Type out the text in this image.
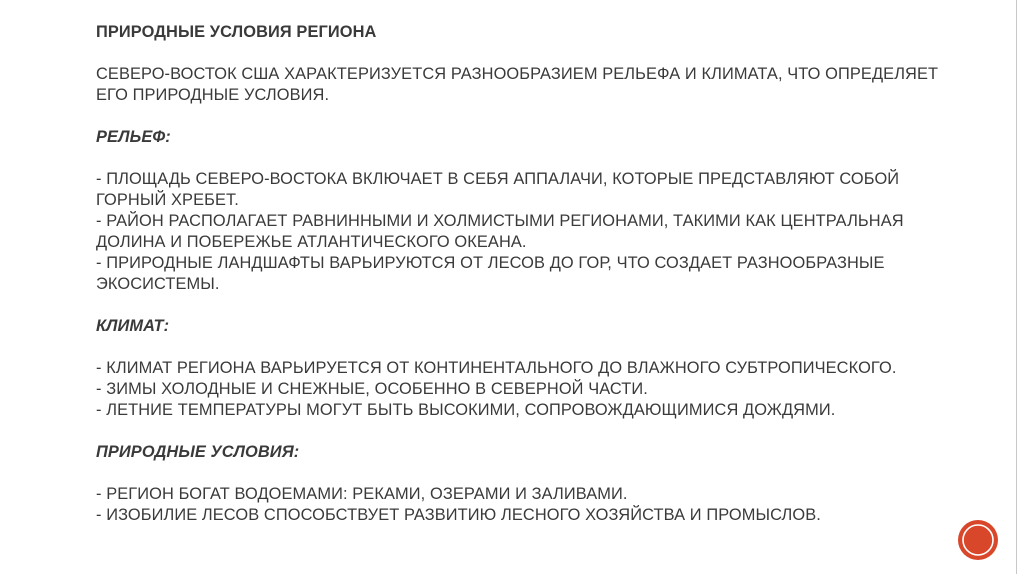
ПРИРОДНЫЕ УСЛОВИЯ РЕГИОНА
СЕВЕРО-ВОСТОК США ХАРАКТЕРИЗУЕТСЯ РАЗНООБРАЗИЕМ РЕЛЬЕФА И КЛИМАТА, ЧТО ОПРЕДЕЛЯЕТ
ЕГО ПРИРОДНЫЕ УСЛОВИЯ.
РЕЛЬЕФ:
- ПЛОЩАДЬ СЕВЕРО-ВОСТОКА ВКЛЮЧАЕТ В СЕБЯ АППАЛАЧИ, КОТОРЫЕ ПРЕДСТАВЛЯЮТ СОБОЙ
ГОРНЫЙ ХРЕБЕТ.
- РАЙОН РАСПОЛАГАЕТ РАВНИННЫМИ И ХОЛМИСТЫМИ РЕГИОНАМИ, ТАКИМИ КАК ЦЕНТРАЛЬНАЯ
ДОЛИНА И ПОБЕРЕЖЬЕ АТЛАНТИЧЕСКОГО ОКЕАНА.
- ПРИРОДНЫЕ ЛАНДШАФТЫ ВАРЬИРУЮТСЯ ОТ ЛЕСОВ ДО ГОР, ЧТО СОЗДАЕТ РАЗНООБРАЗНЫЕ
ЭКОСИСТЕМЫ.
КЛИМАТ:
- КЛИМАТ РЕГИОНА ВАРЬИРУЕТСЯ ОТ КОНТИНЕНТАЛЬНОГО ДО ВЛАЖНОГО СУБТРОПИЧЕСКОГО.
- ЗИМЫ ХОЛОДНЫЕ И СНЕЖНЫЕ, ОСОБЕННО В СЕВЕРНОЙ ЧАСТИ.
- ЛЕТНИЕ ТЕМПЕРАТУРЫ МОГУТ БЫТЬ ВЫСОКИМИ, СОПРОВОЖДАЮЩИМИСЯ ДОЖДЯМИ.
ПРИРОДНЫЕ УСЛОВИЯ:
- РЕГИОН БОГАТ ВОДОЕМАМИ: РЕКАМИ, ОЗЕРАМИ И ЗАЛИВАМИ.
- ИЗОБИЛИЕ ЛЕСОВ СПОСОБСТВУЕТ РАЗВИТИЮ ЛЕСНОГО ХОЗЯЙСТВА И ПРОМЫСЛОВ.
